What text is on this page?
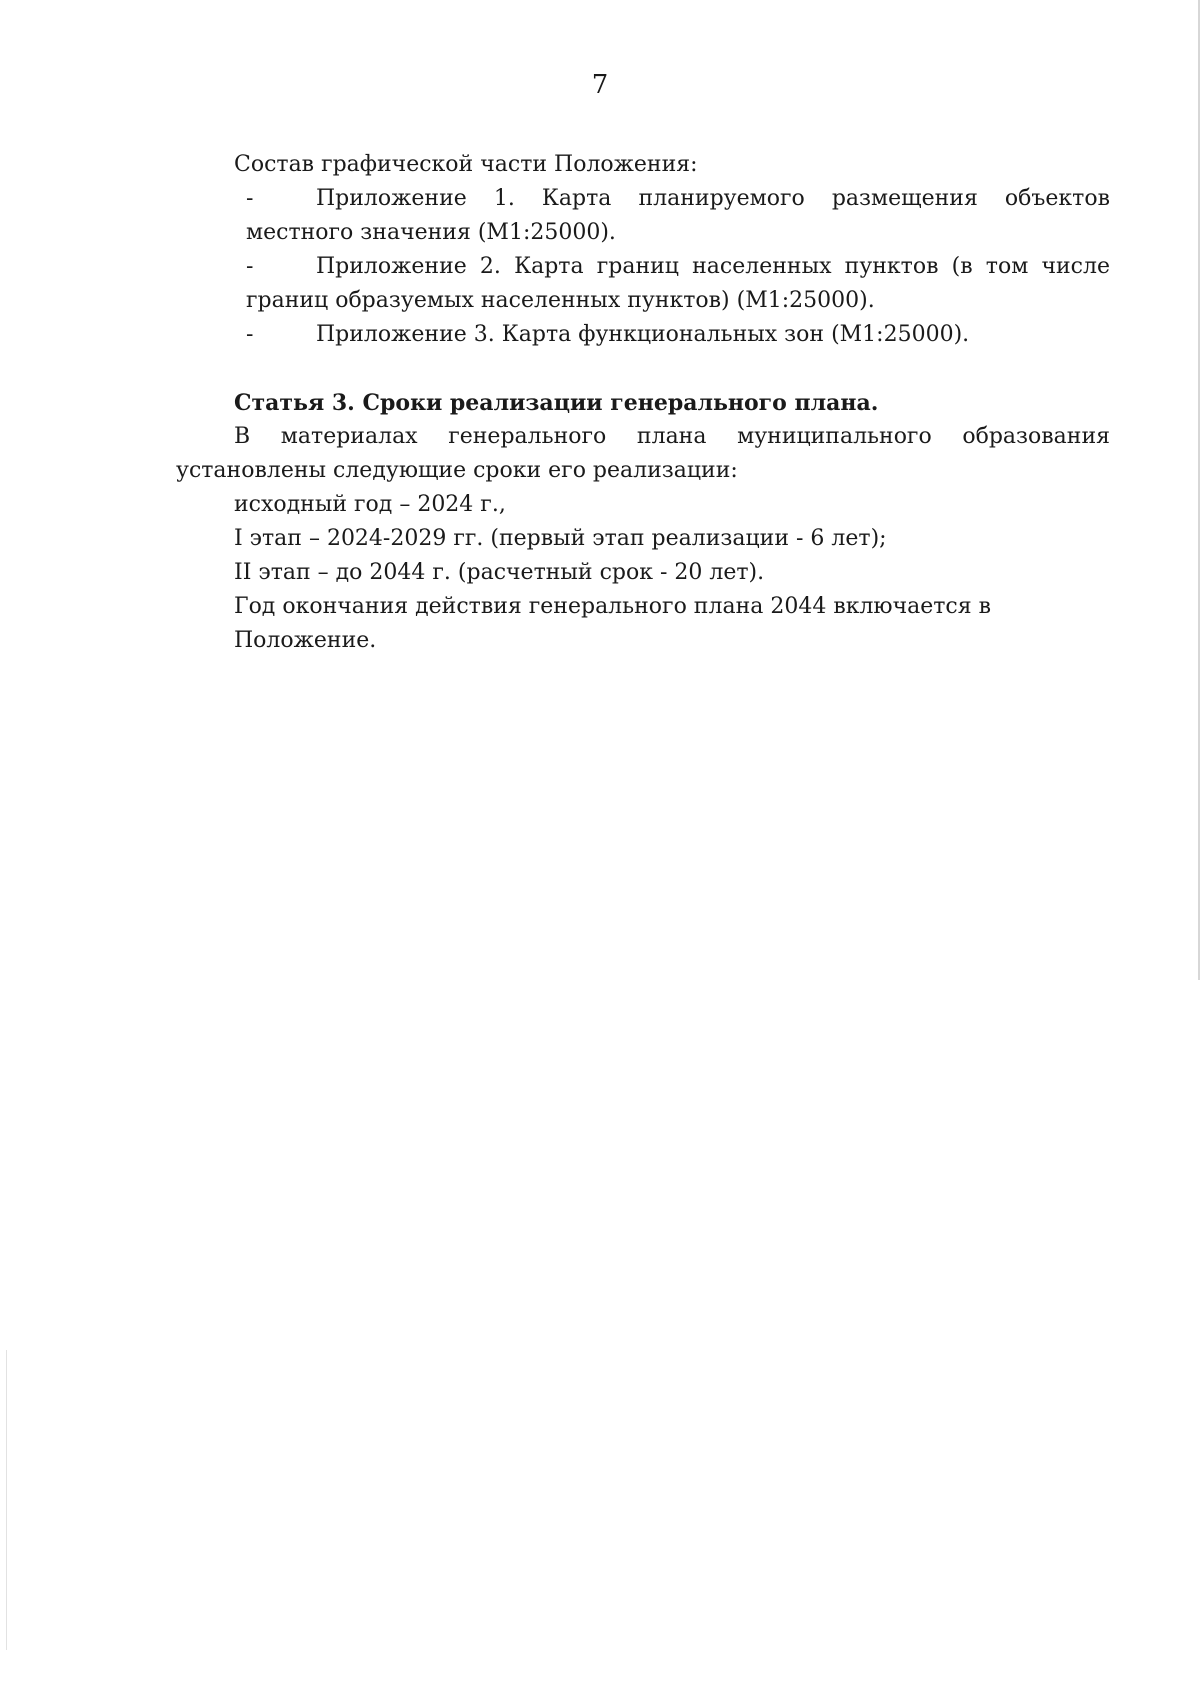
7

Состав графической части Положения:

-	Приложение 1. Карта планируемого размещения объектов местного значения (М1:25000).
-	Приложение 2. Карта границ населенных пунктов (в том числе границ образуемых населенных пунктов) (М1:25000).
-	Приложение 3. Карта функциональных зон (М1:25000).

Статья 3. Сроки реализации генерального плана.

В материалах генерального плана муниципального образования установлены следующие сроки его реализации:

исходный год – 2024 г.,

I этап – 2024-2029 гг. (первый этап реализации - 6 лет);

II этап – до 2044 г. (расчетный срок - 20 лет).

Год окончания действия генерального плана 2044 включается в Положение.
